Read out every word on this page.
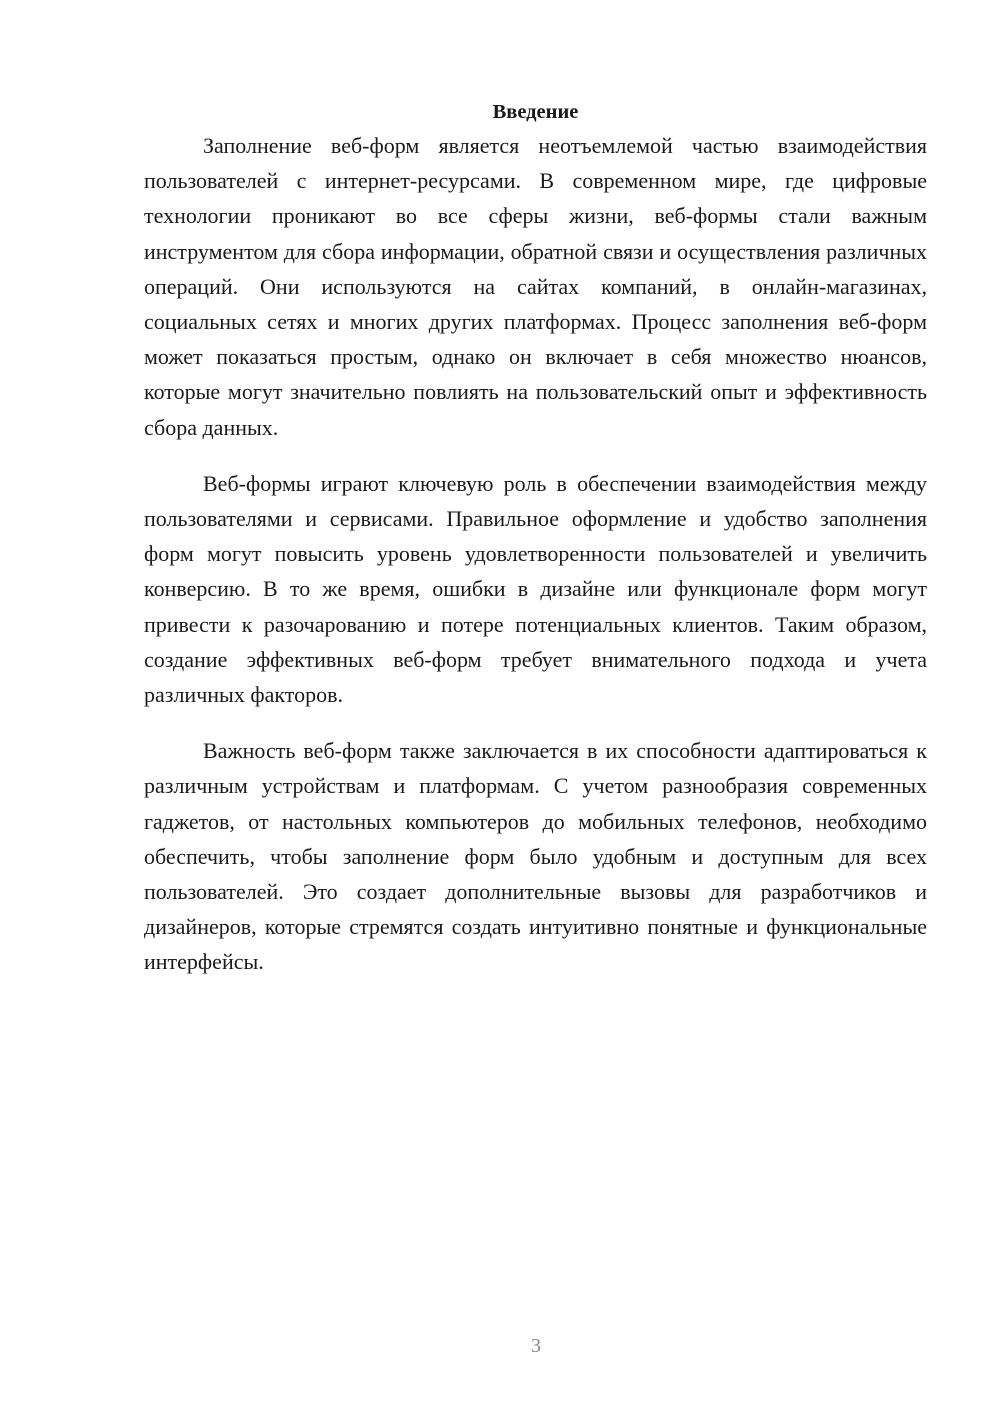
Введение

Заполнение веб-форм является неотъемлемой частью взаимодействия пользователей с интернет-ресурсами. В современном мире, где цифровые технологии проникают во все сферы жизни, веб-формы стали важным инструментом для сбора информации, обратной связи и осуществления различных операций. Они используются на сайтах компаний, в онлайн-магазинах, социальных сетях и многих других платформах. Процесс заполнения веб-форм может показаться простым, однако он включает в себя множество нюансов, которые могут значительно повлиять на пользовательский опыт и эффективность сбора данных.

Веб-формы играют ключевую роль в обеспечении взаимодействия между пользователями и сервисами. Правильное оформление и удобство заполнения форм могут повысить уровень удовлетворенности пользователей и увеличить конверсию. В то же время, ошибки в дизайне или функционале форм могут привести к разочарованию и потере потенциальных клиентов. Таким образом, создание эффективных веб-форм требует внимательного подхода и учета различных факторов.

Важность веб-форм также заключается в их способности адаптироваться к различным устройствам и платформам. С учетом разнообразия современных гаджетов, от настольных компьютеров до мобильных телефонов, необходимо обеспечить, чтобы заполнение форм было удобным и доступным для всех пользователей. Это создает дополнительные вызовы для разработчиков и дизайнеров, которые стремятся создать интуитивно понятные и функциональные интерфейсы.

3
